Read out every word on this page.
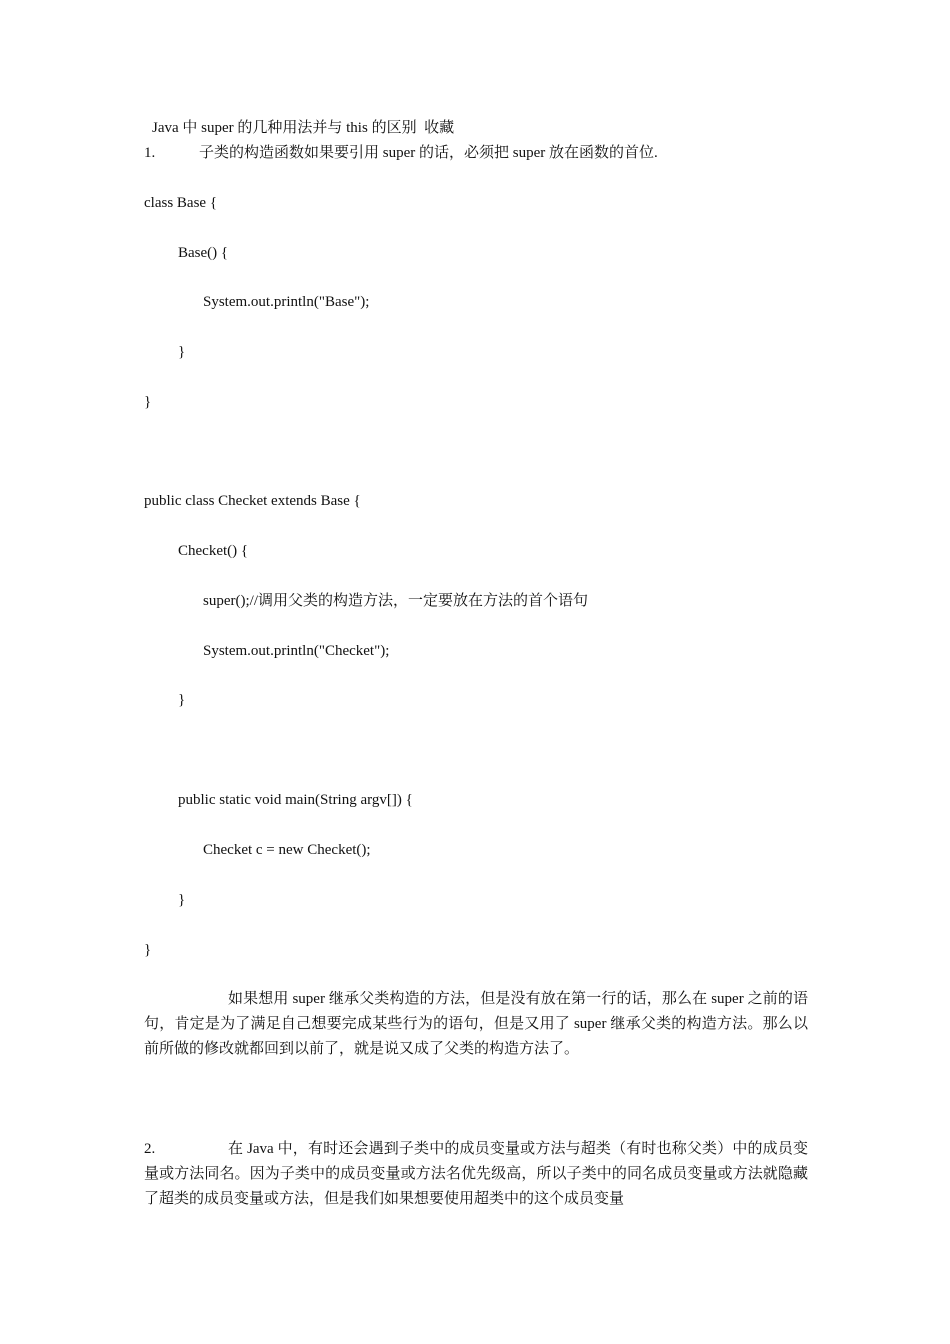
Java 中 super 的几种用法并与 this 的区别  收藏
1.	子类的构造函数如果要引用 super 的话，必须把 super 放在函数的首位.
class Base {
Base() {
System.out.println("Base");
}
}
public class Checket extends Base {
Checket() {
super();//调用父类的构造方法，一定要放在方法的首个语句
System.out.println("Checket");
}
public static void main(String argv[]) {
Checket c = new Checket();
}
}
如果想用 super 继承父类构造的方法，但是没有放在第一行的话，那么在 super 之前的语句，肯定是为了满足自己想要完成某些行为的语句，但是又用了 super 继承父类的构造方法。那么以前所做的修改就都回到以前了，就是说又成了父类的构造方法了。
2.	在 Java 中，有时还会遇到子类中的成员变量或方法与超类（有时也称父类）中的成员变量或方法同名。因为子类中的成员变量或方法名优先级高，所以子类中的同名成员变量或方法就隐藏了超类的成员变量或方法，但是我们如果想要使用超类中的这个成员变量
